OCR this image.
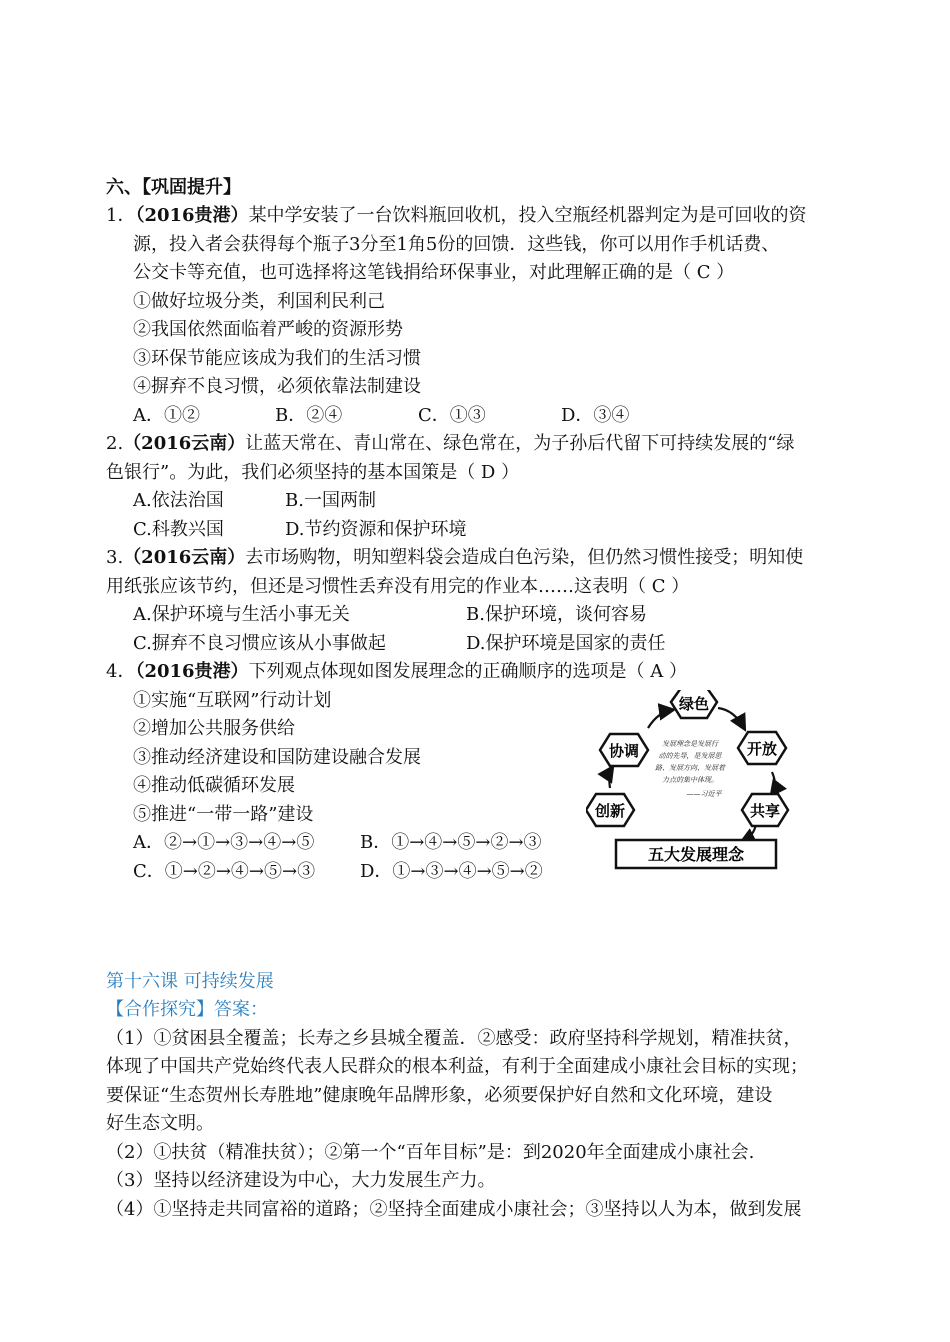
六、【巩固提升】
1．（2016贵港）某中学安装了一台饮料瓶回收机，投入空瓶经机器判定为是可回收的资
源，投入者会获得每个瓶子3分至1角5份的回馈．这些钱，你可以用作手机话费、
公交卡等充值，也可选择将这笔钱捐给环保事业，对此理解正确的是（ C ）
①做好垃圾分类，利国利民利己
②我国依然面临着严峻的资源形势
③环保节能应该成为我们的生活习惯
④摒弃不良习惯，必须依靠法制建设
A．①②	B．②④	C．①③	D．③④
2.（2016云南）让蓝天常在、青山常在、绿色常在，为子孙后代留下可持续发展的“绿
色银行”。为此，我们必须坚持的基本国策是（ D ）
A.依法治国	B.一国两制
C.科教兴国	D.节约资源和保护环境
3.（2016云南）去市场购物，明知塑料袋会造成白色污染，但仍然习惯性接受；明知使
用纸张应该节约，但还是习惯性丢弃没有用完的作业本……这表明（ C ）
A.保护环境与生活小事无关	B.保护环境，谈何容易
C.摒弃不良习惯应该从小事做起	D.保护环境是国家的责任
4．（2016贵港）下列观点体现如图发展理念的正确顺序的选项是（ A ）
①实施“互联网”行动计划
②增加公共服务供给
③推动经济建设和国防建设融合发展
④推动低碳循环发展
⑤推进“一带一路”建设
A．②→①→③→④→⑤	B．①→④→⑤→②→③
C．①→②→④→⑤→③ D．①→③→④→⑤→②
绿色
开放
共享
创新
协调	发展理念是发展行
动的先导，是发展思
路、发展方向、发展着
力点的集中体现。
——习近平
五大发展理念
第十六课 可持续发展
【合作探究】答案：
（1）①贫困县全覆盖；长寿之乡县城全覆盖．②感受：政府坚持科学规划，精准扶贫，
体现了中国共产党始终代表人民群众的根本利益，有利于全面建成小康社会目标的实现；
要保证“生态贺州长寿胜地”健康晚年品牌形象，必须要保护好自然和文化环境，建设
好生态文明。
（2）①扶贫（精准扶贫）；②第一个“百年目标”是：到2020年全面建成小康社会.
（3）坚持以经济建设为中心，大力发展生产力。
（4）①坚持走共同富裕的道路；②坚持全面建成小康社会；③坚持以人为本，做到发展
